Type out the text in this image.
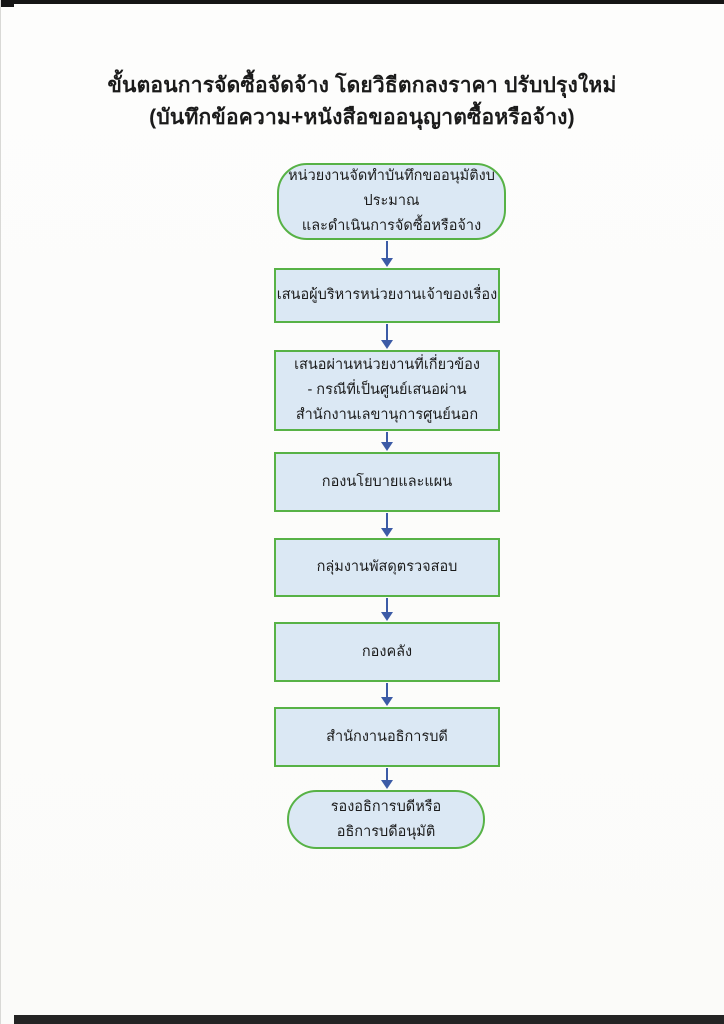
ขั้นตอนการจัดซื้อจัดจ้าง โดยวิธีตกลงราคา ปรับปรุงใหม่
(บันทึกข้อความ+หนังสือขออนุญาตซื้อหรือจ้าง)
หน่วยงานจัดทำบันทึกขออนุมัติงบประมาณ
และดำเนินการจัดซื้อหรือจ้าง
เสนอผู้บริหารหน่วยงานเจ้าของเรื่อง
เสนอผ่านหน่วยงานที่เกี่ยวข้อง
- กรณีที่เป็นศูนย์เสนอผ่าน
สำนักงานเลขานุการศูนย์นอก
กองนโยบายและแผน
กลุ่มงานพัสดุตรวจสอบ
กองคลัง
สำนักงานอธิการบดี
รองอธิการบดีหรือ
อธิการบดีอนุมัติ
